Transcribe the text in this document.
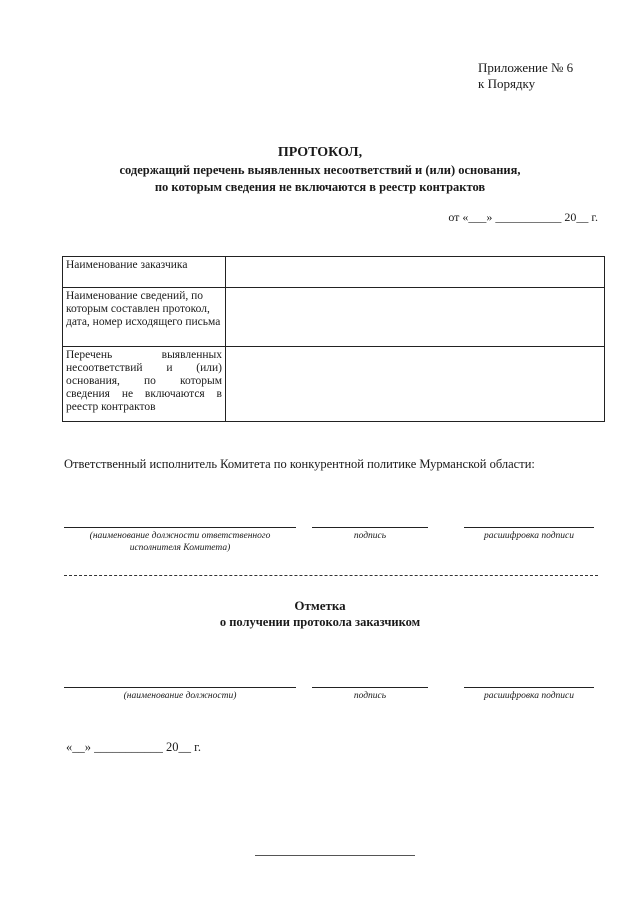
Приложение № 6
к Порядку
ПРОТОКОЛ,
содержащий перечень выявленных несоответствий и (или) основания,
по которым сведения не включаются в реестр контрактов
от «___» ___________ 20__ г.
Наименование заказчика	
Наименование сведений, по которым составлен протокол, дата, номер исходящего письма	
Перечень выявленных несоответствий и (или) основания, по которым сведения не включаются в реестр контрактов	
Ответственный исполнитель Комитета по конкурентной политике Мурманской области:
(наименование должности ответственного исполнителя Комитета)
подпись	расшифровка подписи
Отметка
о получении протокола заказчиком
(наименование должности)	подпись	расшифровка подписи
«__» ___________ 20__ г.
